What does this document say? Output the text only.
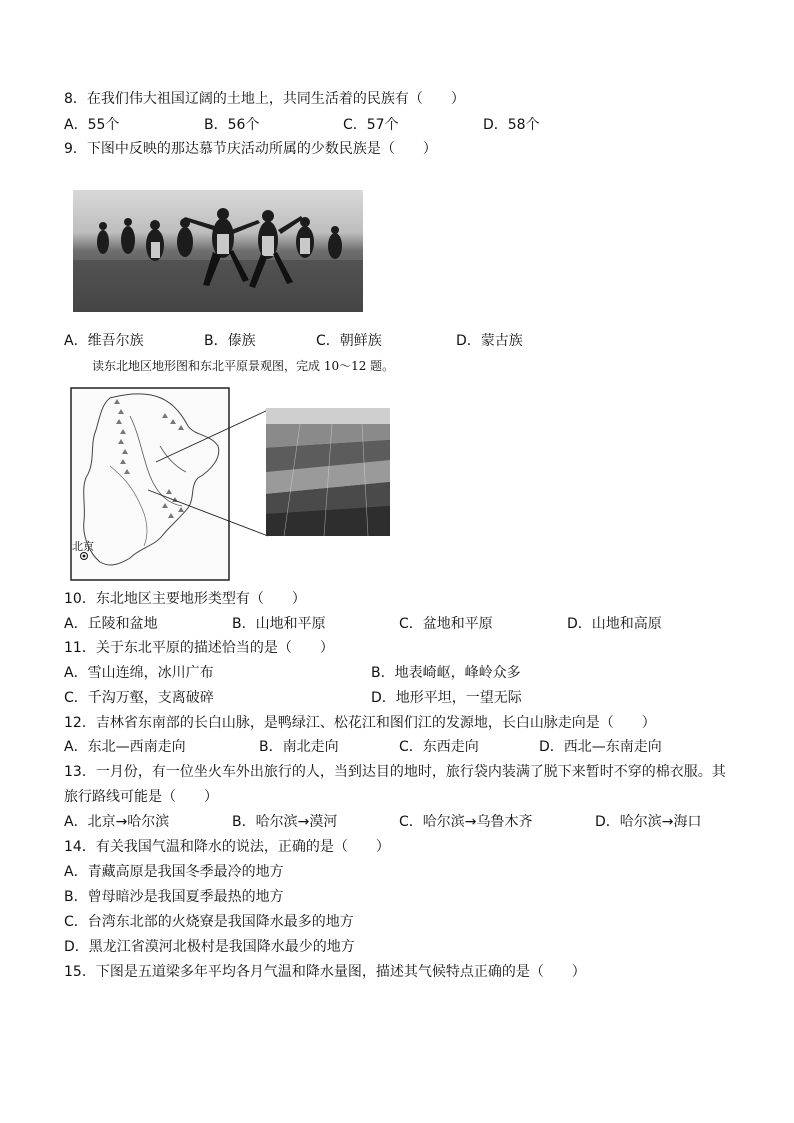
8．在我们伟大祖国辽阔的土地上，共同生活着的民族有（　　）
A．55个	B．56个	C．57个	D．58个
9．下图中反映的那达慕节庆活动所属的少数民族是（　　）
A．维吾尔族	B．傣族	C．朝鲜族	D．蒙古族
读东北地区地形图和东北平原景观图，完成 10～12 题。
北京
10．东北地区主要地形类型有（　　）
A．丘陵和盆地	B．山地和平原	C．盆地和平原	D．山地和高原
11．关于东北平原的描述恰当的是（　　）
A．雪山连绵，冰川广布	B．地表崎岖，峰岭众多
C．千沟万壑，支离破碎	D．地形平坦，一望无际
12．吉林省东南部的长白山脉，是鸭绿江、松花江和图们江的发源地，长白山脉走向是（　　）
A．东北—西南走向	B．南北走向	C．东西走向	D．西北—东南走向
13．一月份，有一位坐火车外出旅行的人，当到达目的地时，旅行袋内装满了脱下来暂时不穿的棉衣服。其
旅行路线可能是（　　）
A．北京→哈尔滨	B．哈尔滨→漠河	C．哈尔滨→乌鲁木齐	D．哈尔滨→海口
14．有关我国气温和降水的说法，正确的是（　　）
A．青藏高原是我国冬季最冷的地方
B．曾母暗沙是我国夏季最热的地方
C．台湾东北部的火烧寮是我国降水最多的地方
D．黑龙江省漠河北极村是我国降水最少的地方
15．下图是五道梁多年平均各月气温和降水量图，描述其气候特点正确的是（　　）
